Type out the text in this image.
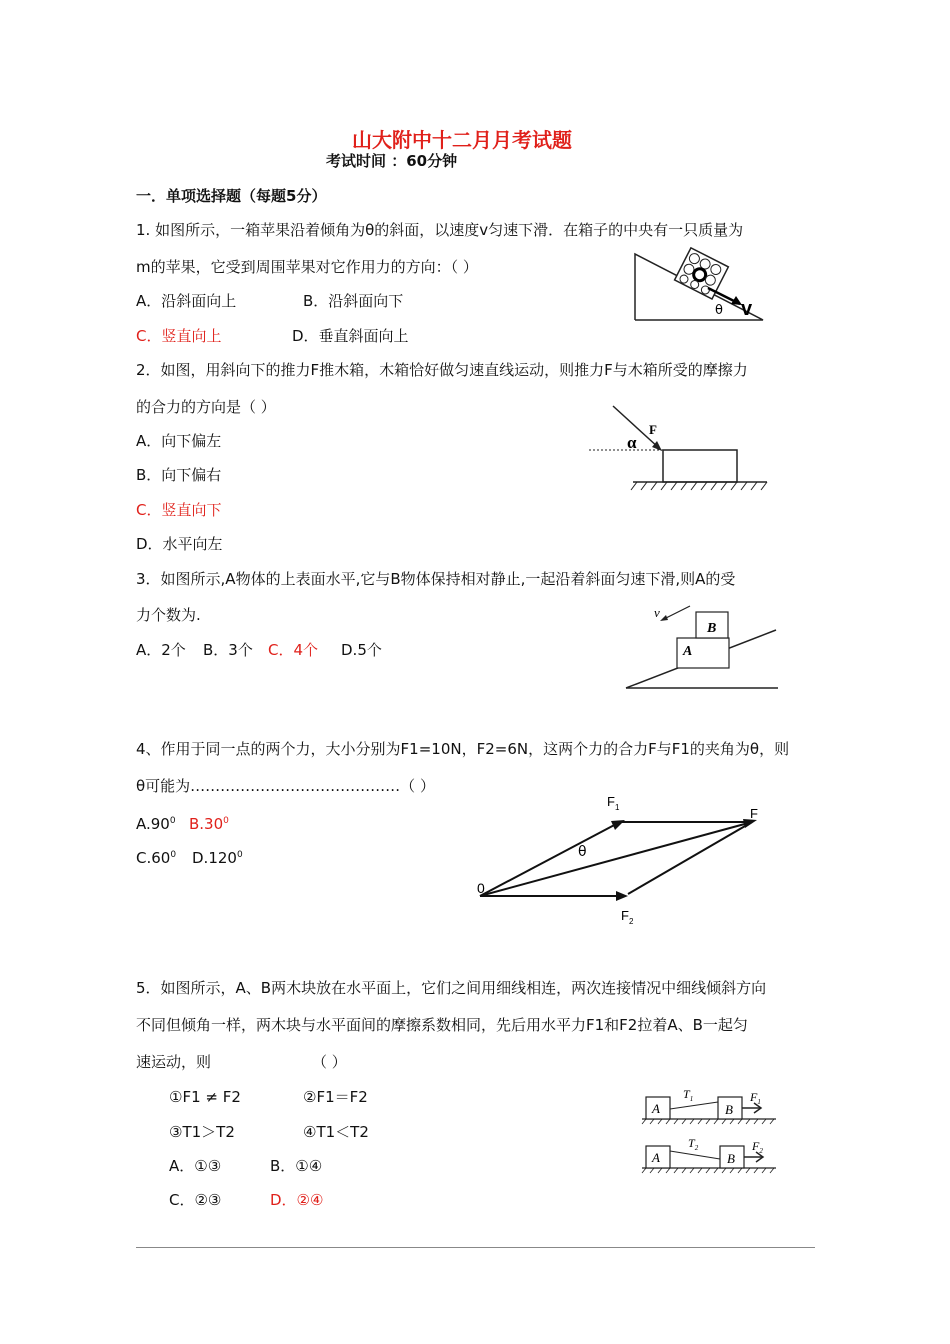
山大附中十二月月考试题
考试时间 ：60分钟
一．单项选择题（每题5分）
1. 如图所示，一箱苹果沿着倾角为θ的斜面，以速度v匀速下滑．在箱子的中央有一只质量为
m的苹果，它受到周围苹果对它作用力的方向：（ ）
A．沿斜面向上	B．沿斜面向下
C．竖直向上	D．垂直斜面向上
v
θ
2．如图，用斜向下的推力F推木箱，木箱恰好做匀速直线运动，则推力F与木箱所受的摩擦力
的合力的方向是（ ）
A．向下偏左
B．向下偏右
C．竖直向下
D．水平向左
F
α
3．如图所示,A物体的上表面水平,它与B物体保持相对静止,一起沿着斜面匀速下滑,则A的受
力个数为.
A．2个 B．3个 C．4个 D.5个
v
A
B
4、作用于同一点的两个力，大小分别为F1=10N，F2=6N，这两个力的合力F与F1的夹角为θ，则
θ可能为……………………………………（ ）
$A.90^0$ $B.30^0$
$C.60^0$ D.120$^0$
$F_1$
$F_2$
F
θ
0
5．如图所示，A、B两木块放在水平面上，它们之间用细线相连，两次连接情况中细线倾斜方向
不同但倾角一样，两木块与水平面间的摩擦系数相同，先后用水平力F1和F2拉着A、B一起匀
速运动，则	（ ）
①F1 ≠ F2	②F1＝F2
③T1＞T2	④T1＜T2
A．①③	B．①④
C．②③	D．②④
A	B
$T_1$	$F_1$
A	B
$T_2$	$F_2$
